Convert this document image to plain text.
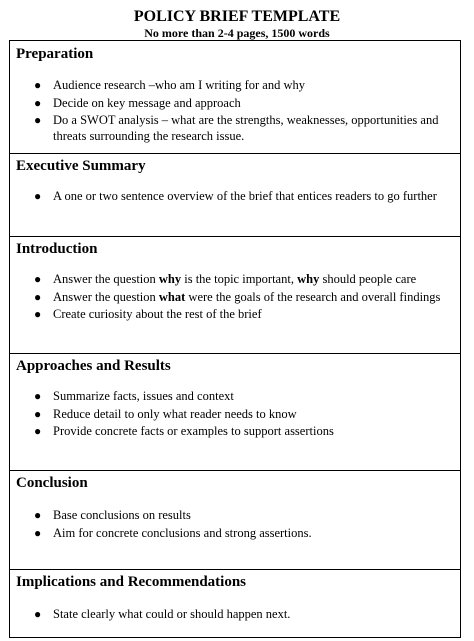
POLICY BRIEF TEMPLATE
No more than 2-4 pages, 1500 words
Preparation
● Audience research –who am I writing for and why
● Decide on key message and approach
● Do a SWOT analysis – what are the strengths, weaknesses, opportunities and threats surrounding the research issue.
Executive Summary
● A one or two sentence overview of the brief that entices readers to go further
Introduction
● Answer the question why is the topic important, why should people care
● Answer the question what were the goals of the research and overall findings
● Create curiosity about the rest of the brief
Approaches and Results
● Summarize facts, issues and context
● Reduce detail to only what reader needs to know
● Provide concrete facts or examples to support assertions
Conclusion
● Base conclusions on results
● Aim for concrete conclusions and strong assertions.
Implications and Recommendations
● State clearly what could or should happen next.
